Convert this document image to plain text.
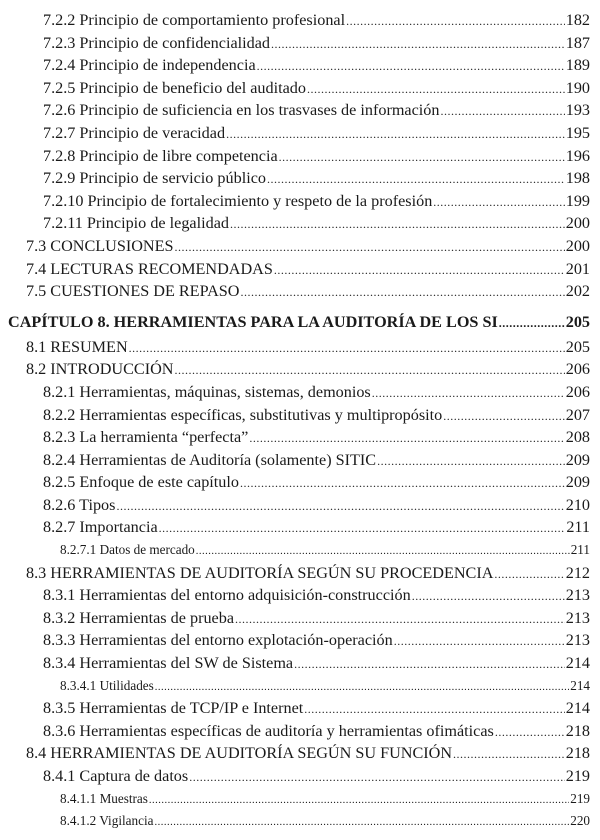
7.2.2 Principio de comportamiento profesional .....	182
7.2.3 Principio de confidencialidad .....	187
7.2.4 Principio de independencia .....	189
7.2.5 Principio de beneficio del auditado .....	190
7.2.6 Principio de suficiencia en los trasvases de información .....	193
7.2.7 Principio de veracidad .....	195
7.2.8 Principio de libre competencia .....	196
7.2.9 Principio de servicio público .....	198
7.2.10 Principio de fortalecimiento y respeto de la profesión .....	199
7.2.11 Principio de legalidad .....	200
7.3 CONCLUSIONES .....	200
7.4 LECTURAS RECOMENDADAS .....	201
7.5 CUESTIONES DE REPASO .....	202
CAPÍTULO 8. HERRAMIENTAS PARA LA AUDITORÍA DE LOS SI .....	205
8.1 RESUMEN .....	205
8.2 INTRODUCCIÓN .....	206
8.2.1 Herramientas, máquinas, sistemas, demonios .....	206
8.2.2 Herramientas específicas, substitutivas y multipropósito .....	207
8.2.3 La herramienta “perfecta” .....	208
8.2.4 Herramientas de Auditoría (solamente) SITIC .....	209
8.2.5 Enfoque de este capítulo .....	209
8.2.6 Tipos .....	210
8.2.7 Importancia .....	211
8.2.7.1 Datos de mercado .....	211
8.3 HERRAMIENTAS DE AUDITORÍA SEGÚN SU PROCEDENCIA .....	212
8.3.1 Herramientas del entorno adquisición-construcción .....	213
8.3.2 Herramientas de prueba .....	213
8.3.3 Herramientas del entorno explotación-operación .....	213
8.3.4 Herramientas del SW de Sistema .....	214
8.3.4.1 Utilidades .....	214
8.3.5 Herramientas de TCP/IP e Internet .....	214
8.3.6 Herramientas específicas de auditoría y herramientas ofimáticas .....	218
8.4 HERRAMIENTAS DE AUDITORÍA SEGÚN SU FUNCIÓN .....	218
8.4.1 Captura de datos .....	219
8.4.1.1 Muestras .....	219
8.4.1.2 Vigilancia .....	220
